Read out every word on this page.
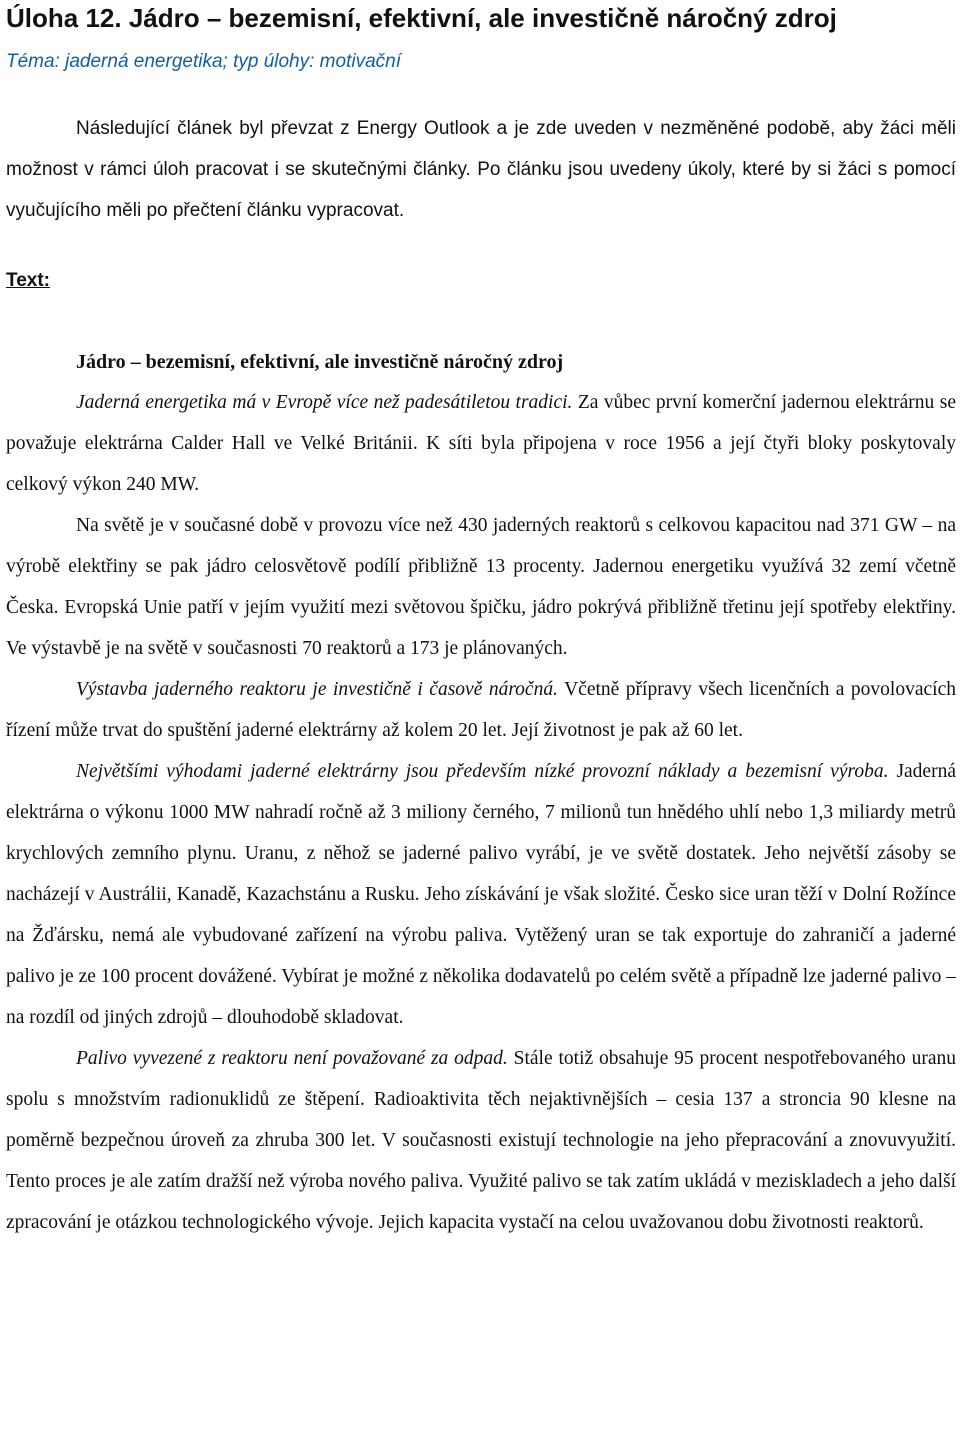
Úloha 12. Jádro – bezemisní, efektivní, ale investičně náročný zdroj

Téma: jaderná energetika; typ úlohy: motivační

Následující článek byl převzat z Energy Outlook a je zde uveden v nezměněné podobě, aby žáci měli možnost v rámci úloh pracovat i se skutečnými články. Po článku jsou uvedeny úkoly, které by si žáci s pomocí vyučujícího měli po přečtení článku vypracovat.

Text:

Jádro – bezemisní, efektivní, ale investičně náročný zdroj

Jaderná energetika má v Evropě více než padesátiletou tradici. Za vůbec první komerční jadernou elektrárnu se považuje elektrárna Calder Hall ve Velké Británii. K síti byla připojena v roce 1956 a její čtyři bloky poskytovaly celkový výkon 240 MW.

Na světě je v současné době v provozu více než 430 jaderných reaktorů s celkovou kapacitou nad 371 GW – na výrobě elektřiny se pak jádro celosvětově podílí přibližně 13 procenty. Jadernou energetiku využívá 32 zemí včetně Česka. Evropská Unie patří v jejím využití mezi světovou špičku, jádro pokrývá přibližně třetinu její spotřeby elektřiny. Ve výstavbě je na světě v současnosti 70 reaktorů a 173 je plánovaných.

Výstavba jaderného reaktoru je investičně i časově náročná. Včetně přípravy všech licenčních a povolovacích řízení může trvat do spuštění jaderné elektrárny až kolem 20 let. Její životnost je pak až 60 let.

Největšími výhodami jaderné elektrárny jsou především nízké provozní náklady a bezemisní výroba. Jaderná elektrárna o výkonu 1000 MW nahradí ročně až 3 miliony černého, 7 milionů tun hnědého uhlí nebo 1,3 miliardy metrů krychlových zemního plynu. Uranu, z něhož se jaderné palivo vyrábí, je ve světě dostatek. Jeho největší zásoby se nacházejí v Austrálii, Kanadě, Kazachstánu a Rusku. Jeho získávání je však složité. Česko sice uran těží v Dolní Rožínce na Žďársku, nemá ale vybudované zařízení na výrobu paliva. Vytěžený uran se tak exportuje do zahraničí a jaderné palivo je ze 100 procent dovážené. Vybírat je možné z několika dodavatelů po celém světě a případně lze jaderné palivo – na rozdíl od jiných zdrojů – dlouhodobě skladovat.

Palivo vyvezené z reaktoru není považované za odpad. Stále totiž obsahuje 95 procent nespotřebovaného uranu spolu s množstvím radionuklidů ze štěpení. Radioaktivita těch nejaktivnějších – cesia 137 a stroncia 90 klesne na poměrně bezpečnou úroveň za zhruba 300 let. V současnosti existují technologie na jeho přepracování a znovuvyužití. Tento proces je ale zatím dražší než výroba nového paliva. Využité palivo se tak zatím ukládá v meziskladech a jeho další zpracování je otázkou technologického vývoje. Jejich kapacita vystačí na celou uvažovanou dobu životnosti reaktorů.
